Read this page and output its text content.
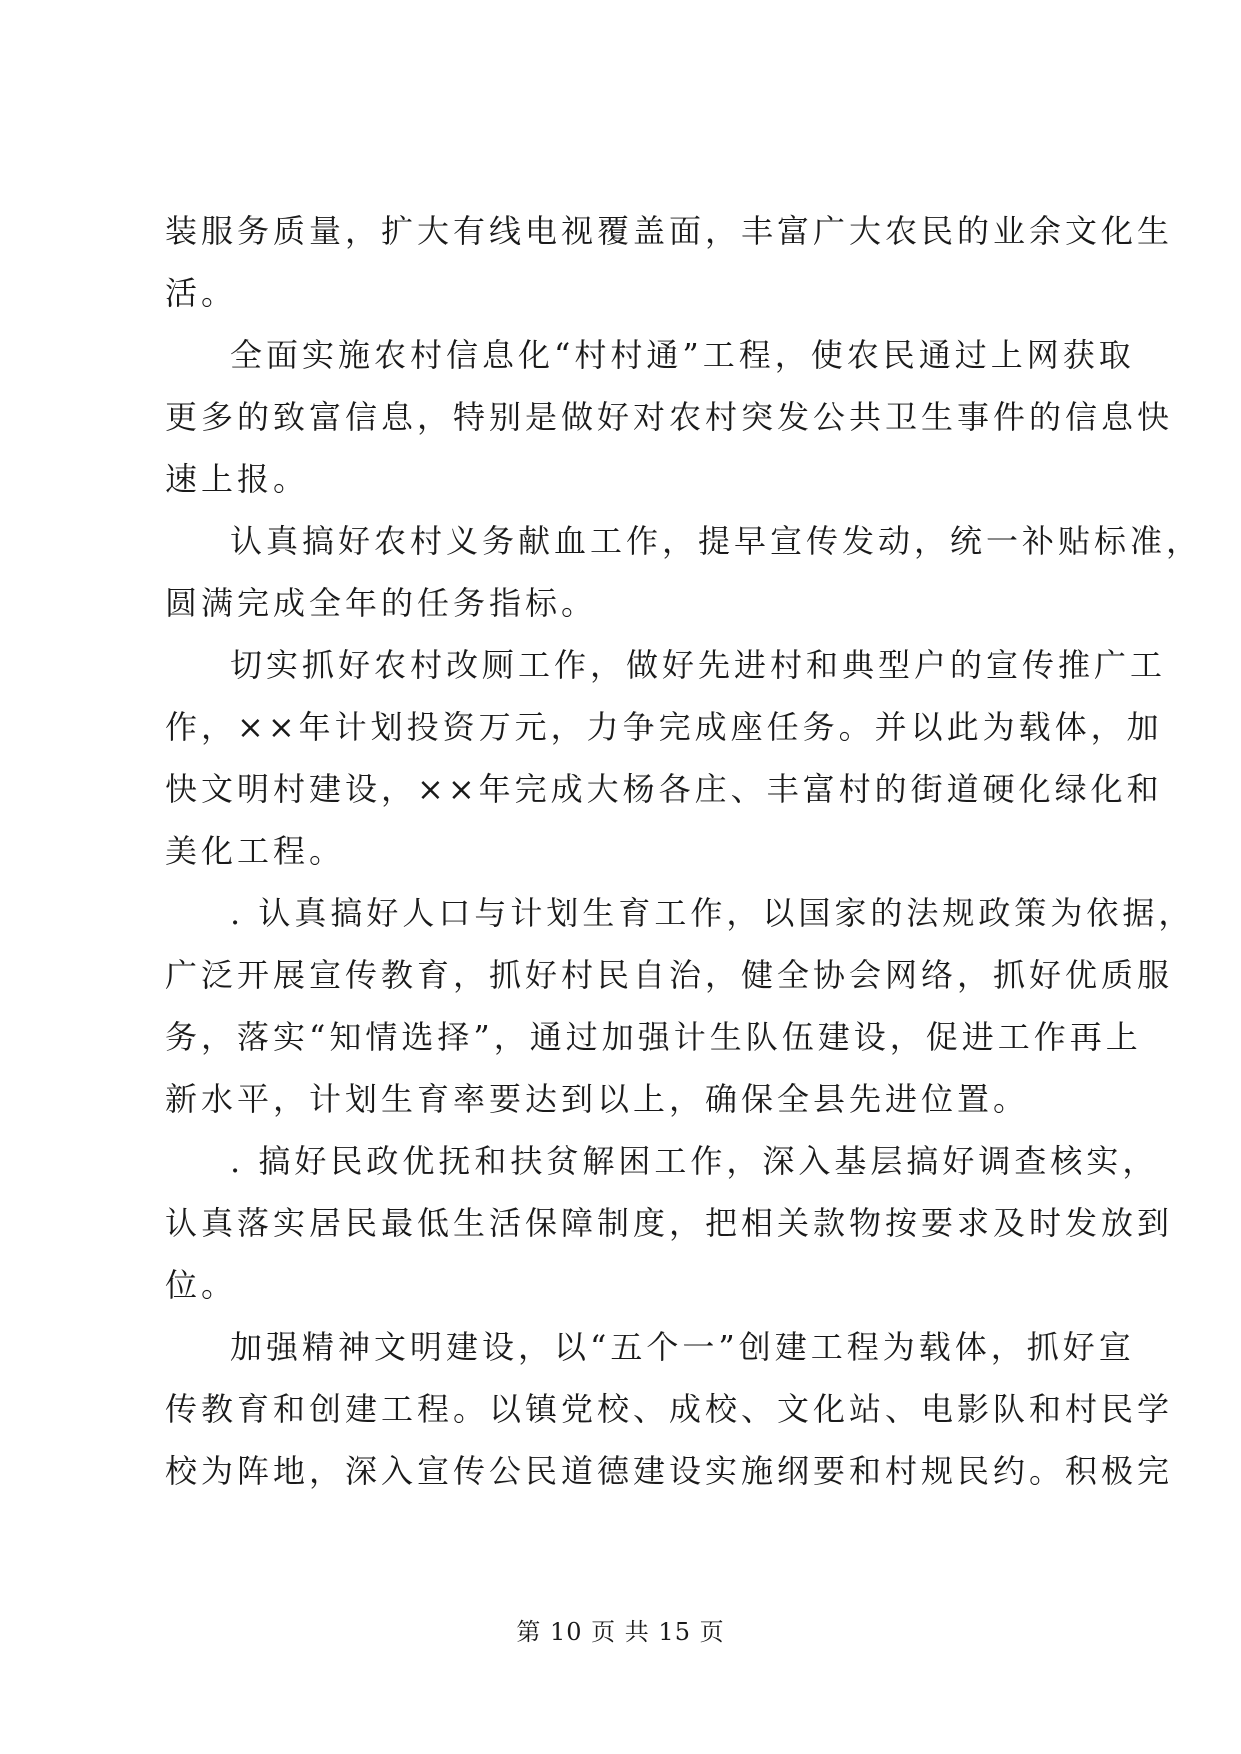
装服务质量，扩大有线电视覆盖面，丰富广大农民的业余文化生
活。
全面实施农村信息化“村村通”工程，使农民通过上网获取
更多的致富信息，特别是做好对农村突发公共卫生事件的信息快
速上报。
认真搞好农村义务献血工作，提早宣传发动，统一补贴标准，
圆满完成全年的任务指标。
切实抓好农村改厕工作，做好先进村和典型户的宣传推广工
作，××年计划投资万元，力争完成座任务。并以此为载体，加
快文明村建设，××年完成大杨各庄、丰富村的街道硬化绿化和
美化工程。
. 认真搞好人口与计划生育工作，以国家的法规政策为依据，
广泛开展宣传教育，抓好村民自治，健全协会网络，抓好优质服
务，落实“知情选择”，通过加强计生队伍建设，促进工作再上
新水平，计划生育率要达到以上，确保全县先进位置。
. 搞好民政优抚和扶贫解困工作，深入基层搞好调查核实，
认真落实居民最低生活保障制度，把相关款物按要求及时发放到
位。
加强精神文明建设，以“五个一”创建工程为载体，抓好宣
传教育和创建工程。以镇党校、成校、文化站、电影队和村民学
校为阵地，深入宣传公民道德建设实施纲要和村规民约。积极完
第 10 页 共 15 页
